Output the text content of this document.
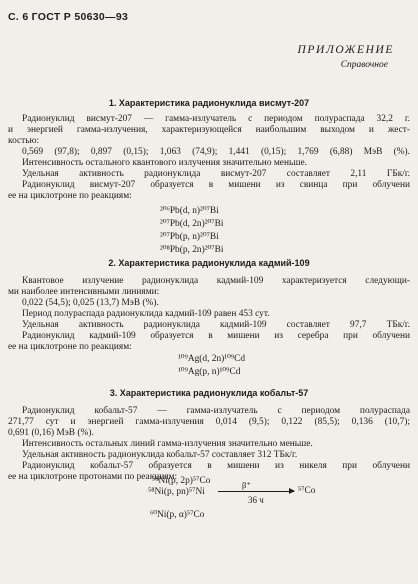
С. 6 ГОСТ Р 50630—93
ПРИЛОЖЕНИЕ
Справочное
1. Характеристика радионуклида висмут-207
Радионуклид висмут-207 — гамма-излучатель с периодом полураспада 32,2 г.
и энергией гамма-излучения, характеризующейся наибольшим выходом и жест-
костью:
0,569 (97,8); 0,897 (0,15); 1,063 (74,9); 1,441 (0,15); 1,769 (6,88) МэВ (%).
Интенсивность остального квантового излучения значительно меньше.
Удельная активность радионуклида висмут-207 составляет 2,11 ГБк/г.
Радионуклид висмут-207 образуется в мишени из свинца при облучени
ее на циклотроне по реакциям:
²⁰⁶Pb(d, n)²⁰⁷Bi
²⁰⁷Pb(d, 2n)²⁰⁷Bi
²⁰⁷Pb(p, n)²⁰⁷Bi
²⁰⁸Pb(p, 2n)²⁰⁷Bi
2. Характеристика радионуклида кадмий-109
Квантовое излучение радионуклида кадмий-109 характеризуется следующи-
ми наиболее интенсивными линиями:
0,022 (54,5); 0,025 (13,7) МэВ (%).
Период полураспада радионуклида кадмий-109 равен 453 сут.
Удельная активность радионуклида кадмий-109 составляет 97,7 ТБк/г.
Радионуклид кадмий-109 образуется в мишени из серебра при облучени
ее на циклотроне по реакциям:
¹⁰⁹Ag(d, 2n)¹⁰⁹Cd
¹⁰⁹Ag(p, n)¹⁰⁹Cd
3. Характеристика радионуклида кобальт-57
Радионуклид кобальт-57 — гамма-излучатель с периодом полураспада
271,77 сут и энергией гамма-излучения 0,014 (9,5); 0,122 (85,5); 0,136 (10,7);
0,691 (0,16) МэВ (%).
Интенсивность остальных линий гамма-излучения значительно меньше.
Удельная активность радионуклида кобальт-57 составляет 312 ТБк/г.
Радионуклид кобальт-57 образуется в мишени из никеля при облучени
ее на циклотроне протонами по реакциям:
⁵⁸Ni(p, 2p)⁵⁷Co
⁵⁸Ni(p, pn)⁵⁷Ni
β⁺
⁵⁷Co
36 ч
⁶⁰Ni(p, α)⁵⁷Co
